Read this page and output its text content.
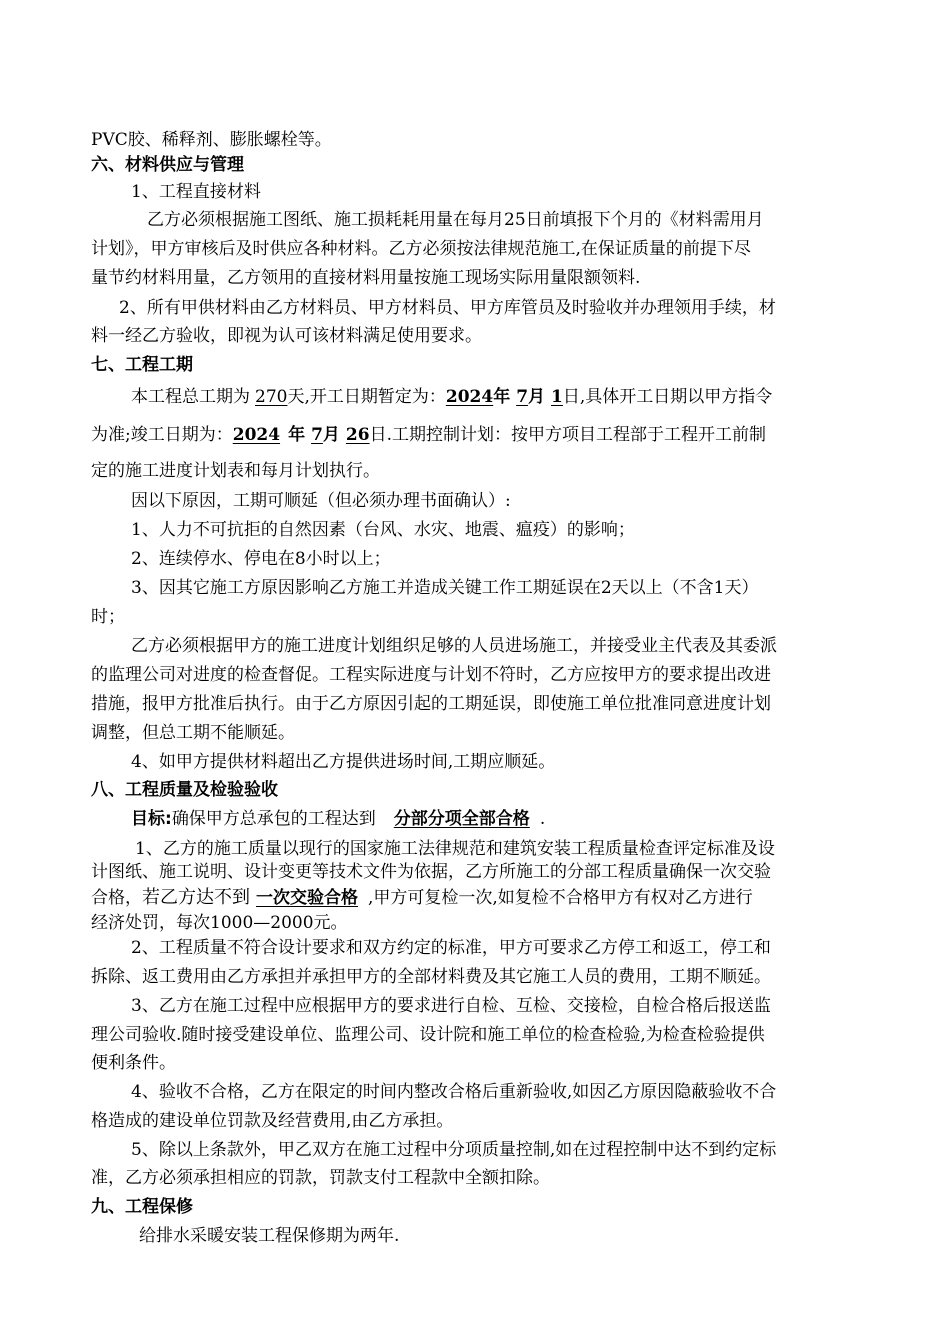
PVC胶、稀释剂、膨胀螺栓等。
六、材料供应与管理
1、工程直接材料
乙方必须根据施工图纸、施工损耗耗用量在每月25日前填报下个月的《材料需用月
计划》，甲方审核后及时供应各种材料。乙方必须按法律规范施工,在保证质量的前提下尽
量节约材料用量，乙方领用的直接材料用量按施工现场实际用量限额领料.
2、所有甲供材料由乙方材料员、甲方材料员、甲方库管员及时验收并办理领用手续，材
料一经乙方验收，即视为认可该材料满足使用要求。
七、工程工期
本工程总工期为 270天,开工日期暂定为：2024年 7月 1日,具体开工日期以甲方指令
为准;竣工日期为：2024 年 7月 26日.工期控制计划：按甲方项目工程部于工程开工前制
定的施工进度计划表和每月计划执行。
因以下原因，工期可顺延（但必须办理书面确认）:
1、人力不可抗拒的自然因素（台风、水灾、地震、瘟疫）的影响；
2、连续停水、停电在8小时以上；
3、因其它施工方原因影响乙方施工并造成关键工作工期延误在2天以上（不含1天）
时；
乙方必须根据甲方的施工进度计划组织足够的人员进场施工，并接受业主代表及其委派
的监理公司对进度的检查督促。工程实际进度与计划不符时，乙方应按甲方的要求提出改进
措施，报甲方批准后执行。由于乙方原因引起的工期延误，即使施工单位批准同意进度计划
调整，但总工期不能顺延。
4、如甲方提供材料超出乙方提供进场时间,工期应顺延。
八、工程质量及检验验收
目标:确保甲方总承包的工程达到 分部分项全部合格 .
1、乙方的施工质量以现行的国家施工法律规范和建筑安装工程质量检查评定标准及设
计图纸、施工说明、设计变更等技术文件为依据，乙方所施工的分部工程质量确保一次交验
合格，若乙方达不到 一次交验合格 ,甲方可复检一次,如复检不合格甲方有权对乙方进行
经济处罚，每次1000—2000元。
2、工程质量不符合设计要求和双方约定的标准，甲方可要求乙方停工和返工，停工和
拆除、返工费用由乙方承担并承担甲方的全部材料费及其它施工人员的费用，工期不顺延。
3、乙方在施工过程中应根据甲方的要求进行自检、互检、交接检，自检合格后报送监
理公司验收.随时接受建设单位、监理公司、设计院和施工单位的检查检验,为检查检验提供
便利条件。
4、验收不合格，乙方在限定的时间内整改合格后重新验收,如因乙方原因隐蔽验收不合
格造成的建设单位罚款及经营费用,由乙方承担。
5、除以上条款外，甲乙双方在施工过程中分项质量控制,如在过程控制中达不到约定标
准，乙方必须承担相应的罚款，罚款支付工程款中全额扣除。
九、工程保修
给排水采暖安装工程保修期为两年.
